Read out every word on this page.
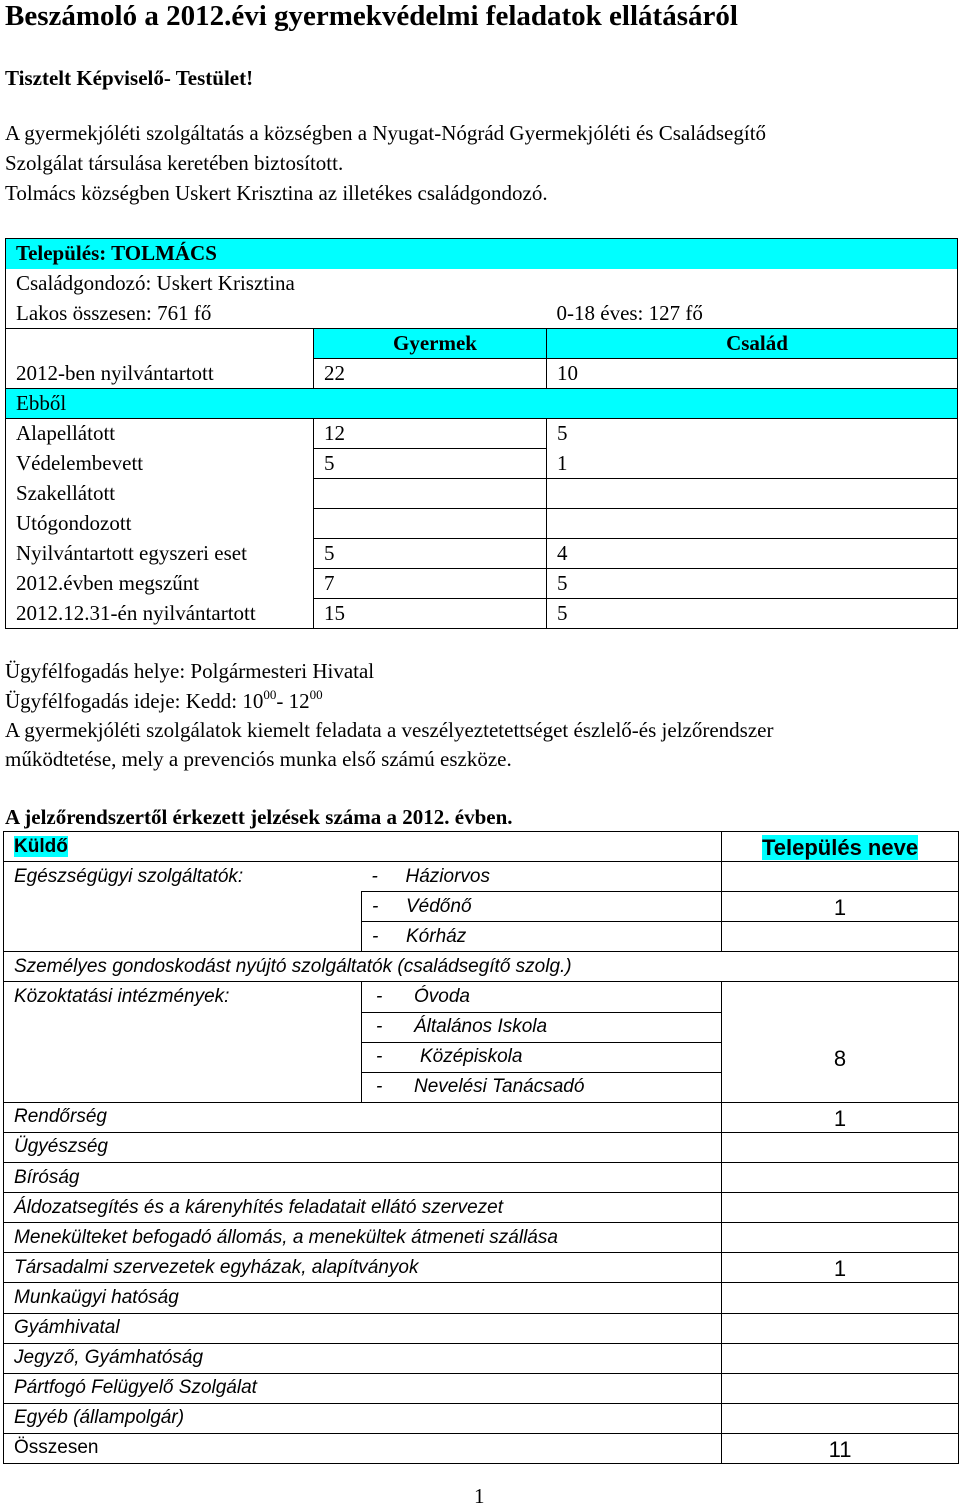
Beszámoló a 2012.évi gyermekvédelmi feladatok ellátásáról
Tisztelt Képviselő- Testület!
A gyermekjóléti szolgáltatás a községben a Nyugat-Nógrád Gyermekjóléti és Családsegítő
Szolgálat társulása keretében biztosított.
Tolmács községben Uskert Krisztina az illetékes családgondozó.
Település: TOLMÁCS		
Családgondozó: Uskert Krisztina		
Lakos összesen: 761 fő		0-18 éves: 127 fő
	Gyermek	Család
2012-ben nyilvántartott	22	10
Ebből		
Alapellátott	12	5
Védelembevett	5	1
Szakellátott		
Utógondozott		
Nyilvántartott egyszeri eset	5	4
2012.évben megszűnt	7	5
2012.12.31-én nyilvántartott	15	5
Ügyfélfogadás helye: Polgármesteri Hivatal
Ügyfélfogadás ideje: Kedd: $10^{00}-$ $12^{00}$
A gyermekjóléti szolgálatok kiemelt feladata a veszélyeztetettséget észlelő-és jelzőrendszer
működtetése, mely a prevenciós munka első számú eszköze.
A jelzőrendszertől érkezett jelzések száma a 2012. évben.
Küldő		Település neve
Egészségügyi szolgáltatók:	- Háziorvos	
	- Védőnő	1
	- Kórház	
Személyes gondoskodást nyújtó szolgáltatók (családsegítő szolg.)		
Közoktatási intézmények:	- Óvoda	
	- Általános Iskola	
	- Középiskola	8
	- Nevelési Tanácsadó	
Rendőrség		1
Ügyészség		
Bíróság		
Áldozatsegítés és a kárenyhítés feladatait ellátó szervezet		
Menekülteket befogadó állomás, a menekültek átmeneti szállása		
Társadalmi szervezetek egyházak, alapítványok		1
Munkaügyi hatóság		
Gyámhivatal		
Jegyző, Gyámhatóság		
Pártfogó Felügyelő Szolgálat		
Egyéb (állampolgár)		
Összesen		11
1
